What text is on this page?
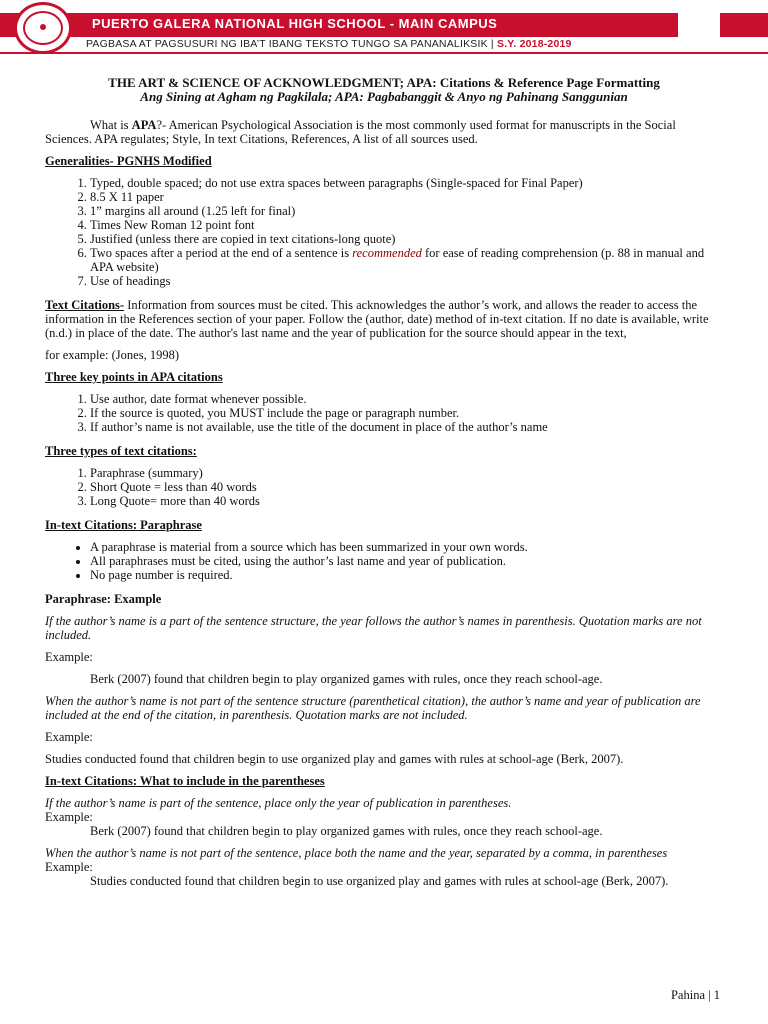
PUERTO GALERA NATIONAL HIGH SCHOOL - MAIN CAMPUS
PAGBASA AT PAGSUSURI NG IBA’T IBANG TEKSTO TUNGO SA PANANALIKSIK | S.Y. 2018-2019

THE ART & SCIENCE OF ACKNOWLEDGMENT; APA: Citations & Reference Page Formatting

Ang Sining at Agham ng Pagkilala; APA: Pagbabanggit & Anyo ng Pahinang Sanggunian

What is APA?- American Psychological Association is the most commonly used format for manuscripts in the Social Sciences. APA regulates; Style, In text Citations, References, A list of all sources used.

Generalities- PGNHS Modified

1. Typed, double spaced; do not use extra spaces between paragraphs (Single-spaced for Final Paper)
2. 8.5 X 11 paper
3. 1” margins all around (1.25 left for final)
4. Times New Roman 12 point font
5. Justified (unless there are copied in text citations-long quote)
6. Two spaces after a period at the end of a sentence is recommended for ease of reading comprehension (p. 88 in manual and APA website)
7. Use of headings

Text Citations- Information from sources must be cited. This acknowledges the author’s work, and allows the reader to access the information in the References section of your paper. Follow the (author, date) method of in-text citation. If no date is available, write (n.d.) in place of the date. The author's last name and the year of publication for the source should appear in the text,

for example: (Jones, 1998)

Three key points in APA citations

1. Use author, date format whenever possible.
2. If the source is quoted, you MUST include the page or paragraph number.
3. If author’s name is not available, use the title of the document in place of the author’s name

Three types of text citations:

1. Paraphrase (summary)
2. Short Quote = less than 40 words
3. Long Quote= more than 40 words

In-text Citations: Paraphrase

• A paraphrase is material from a source which has been summarized in your own words.
• All paraphrases must be cited, using the author’s last name and year of publication.
• No page number is required.

Paraphrase: Example

If the author’s name is a part of the sentence structure, the year follows the author’s names in parenthesis. Quotation marks are not included.

Example:

Berk (2007) found that children begin to play organized games with rules, once they reach school-age.

When the author’s name is not part of the sentence structure (parenthetical citation), the author’s name and year of publication are included at the end of the citation, in parenthesis. Quotation marks are not included.

Example:

Studies conducted found that children begin to use organized play and games with rules at school-age (Berk, 2007).

In-text Citations: What to include in the parentheses

If the author’s name is part of the sentence, place only the year of publication in parentheses.

Example:

Berk (2007) found that children begin to play organized games with rules, once they reach school-age.

When the author’s name is not part of the sentence, place both the name and the year, separated by a comma, in parentheses

Example:

Studies conducted found that children begin to use organized play and games with rules at school-age (Berk, 2007).

Pahina | 1
